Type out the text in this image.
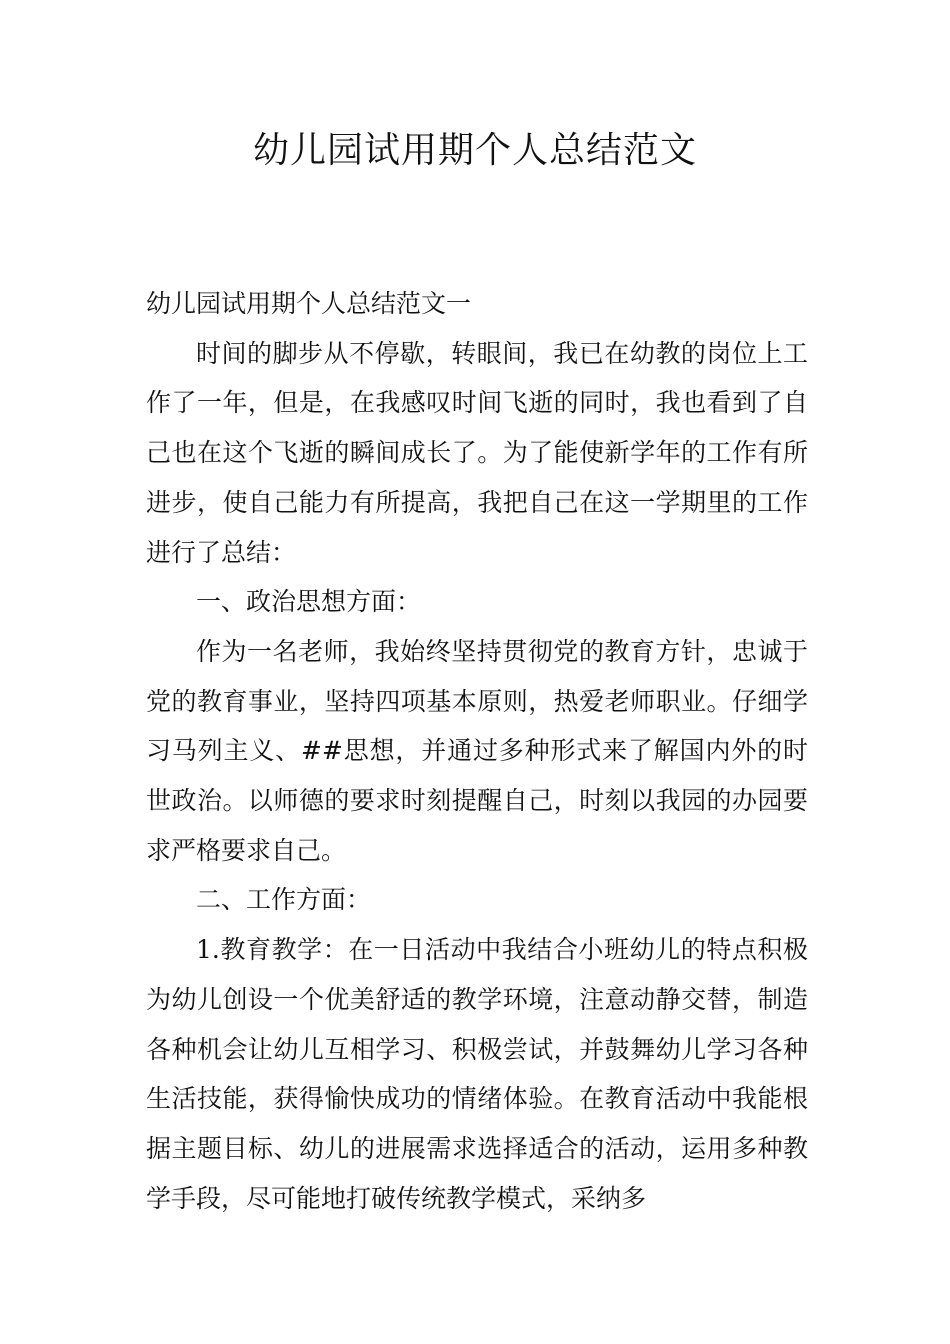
幼儿园试用期个人总结范文

幼儿园试用期个人总结范文一

时间的脚步从不停歇，转眼间，我已在幼教的岗位上工作了一年，但是，在我感叹时间飞逝的同时，我也看到了自己也在这个飞逝的瞬间成长了。为了能使新学年的工作有所进步，使自己能力有所提高，我把自己在这一学期里的工作进行了总结：

一、政治思想方面：

作为一名老师，我始终坚持贯彻党的教育方针，忠诚于党的教育事业，坚持四项基本原则，热爱老师职业。仔细学习马列主义、##思想，并通过多种形式来了解国内外的时世政治。以师德的要求时刻提醒自己，时刻以我园的办园要求严格要求自己。

二、工作方面：

1.教育教学：在一日活动中我结合小班幼儿的特点积极为幼儿创设一个优美舒适的教学环境，注意动静交替，制造各种机会让幼儿互相学习、积极尝试，并鼓舞幼儿学习各种生活技能，获得愉快成功的情绪体验。在教育活动中我能根据主题目标、幼儿的进展需求选择适合的活动，运用多种教学手段，尽可能地打破传统教学模式，采纳多
